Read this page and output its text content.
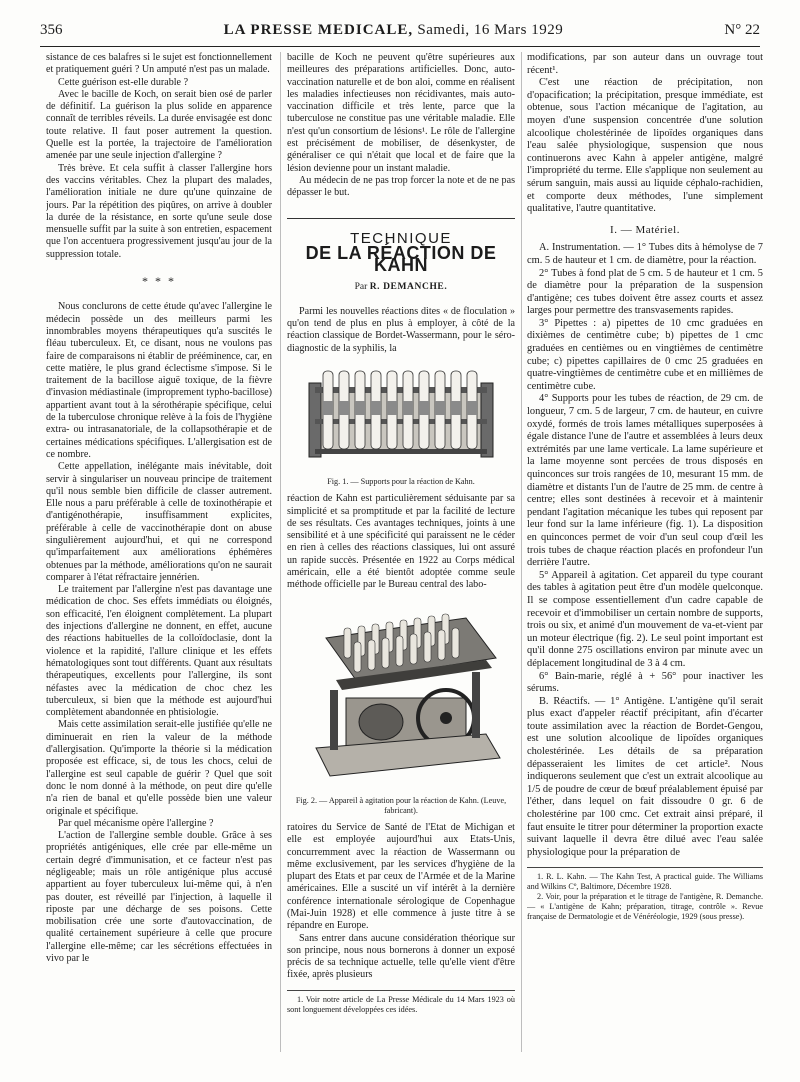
356	LA PRESSE MEDICALE, Samedi, 16 Mars 1929	N° 22

sistance de ces balafres si le sujet est fonctionnellement et pratiquement guéri ? Un amputé n'est pas un malade.

Cette guérison est-elle durable ?

Avec le bacille de Koch, on serait bien osé de parler de définitif. La guérison la plus solide en apparence connaît de terribles réveils. La durée envisagée est donc toute relative. Il faut poser autrement la question. Quelle est la portée, la trajectoire de l'amélioration amenée par une seule injection d'allergine ?

Très brève. Et cela suffit à classer l'allergine hors des vaccins véritables. Chez la plupart des malades, l'amélioration initiale ne dure qu'une quinzaine de jours. Par la répétition des piqûres, on arrive à doubler la durée de la résistance, en sorte qu'une seule dose mensuelle suffit par la suite à son entretien, espacement que l'on accentuera progressivement jusqu'au jour de la suppression totale.

* * *

Nous conclurons de cette étude qu'avec l'allergine le médecin possède un des meilleurs parmi les innombrables moyens thérapeutiques qu'a suscités le fléau tuberculeux. Et, ce disant, nous ne voulons pas faire de comparaisons ni établir de prééminence, car, en cette matière, le plus grand éclectisme s'impose. Si le traitement de la bacillose aiguë toxique, de la fièvre d'invasion médiastinale (improprement typho-bacillose) appartient avant tout à la sérothérapie spécifique, celui de la tuberculose chronique relève à la fois de l'hygiène extra- ou intrasanatoriale, de la collapsothérapie et de certaines médications spécifiques. L'allergisation est de ce nombre.

Cette appellation, inélégante mais inévitable, doit servir à singulariser un nouveau principe de traitement qu'il nous semble bien difficile de classer autrement. Elle nous a paru préférable à celle de toxinothérapie et d'antigénothérapie, insuffisamment explicites, préférable à celle de vaccinothérapie dont on abuse singulièrement aujourd'hui, et qui ne correspond qu'imparfaitement aux améliorations éphémères obtenues par la méthode, améliorations qu'on ne saurait comparer à l'état réfractaire jennérien.

Le traitement par l'allergine n'est pas davantage une médication de choc. Ses effets immédiats ou éloignés, son efficacité, l'en éloignent complètement. La plupart des injections d'allergine ne donnent, en effet, aucune des réactions habituelles de la colloïdoclasie, dont la violence et la rapidité, l'allure clinique et les effets hématologiques sont tout différents. Quant aux résultats thérapeutiques, excellents pour l'allergine, ils sont néfastes avec la médication de choc chez les tuberculeux, si bien que la méthode est aujourd'hui complètement abandonnée en phtisiologie.

Mais cette assimilation serait-elle justifiée qu'elle ne diminuerait en rien la valeur de la méthode d'allergisation. Qu'importe la théorie si la médication proposée est efficace, si, de tous les chocs, celui de l'allergine est seul capable de guérir ? Quel que soit donc le nom donné à la méthode, on peut dire qu'elle n'a rien de banal et qu'elle possède bien une valeur originale et spécifique.

Par quel mécanisme opère l'allergine ?

L'action de l'allergine semble double. Grâce à ses propriétés antigéniques, elle crée par elle-même un certain degré d'immunisation, et ce facteur n'est pas négligeable; mais un rôle antigénique plus accusé appartient au foyer tuberculeux lui-même qui, à n'en pas douter, est réveillé par l'injection, à laquelle il riposte par une décharge de ses poisons. Cette mobilisation crée une sorte d'autovaccination, de qualité certainement supérieure à celle que procure l'allergine elle-même; car les sécrétions effectuées in vivo par le

bacille de Koch ne peuvent qu'être supérieures aux meilleures des préparations artificielles. Donc, auto-vaccination naturelle et de bon aloi, comme en réalisent les maladies infectieuses non récidivantes, mais auto-vaccination difficile et très lente, parce que la tuberculose ne constitue pas une véritable maladie. Elle n'est qu'un consortium de lésions¹. Le rôle de l'allergine est précisément de mobiliser, de désenkyster, de généraliser ce qui n'était que local et de faire que la lésion devienne pour un instant maladie.

Au médecin de ne pas trop forcer la note et de ne pas dépasser le but.

TECHNIQUE
DE LA RÉACTION DE KAHN
Par R. DEMANCHE.

Parmi les nouvelles réactions dites « de floculation » qu'on tend de plus en plus à employer, à côté de la réaction classique de Bordet-Wassermann, pour le séro-diagnostic de la syphilis, la

Fig. 1. — Supports pour la réaction de Kahn.

réaction de Kahn est particulièrement séduisante par sa simplicité et sa promptitude et par la facilité de lecture de ses résultats. Ces avantages techniques, joints à une sensibilité et à une spécificité qui paraissent ne le céder en rien à celles des réactions classiques, lui ont assuré un rapide succès. Présentée en 1922 au Corps médical américain, elle a été bientôt adoptée comme seule méthode officielle par le Bureau central des labo-

Fig. 2. — Appareil à agitation pour la réaction de Kahn. (Leuve, fabricant).

ratoires du Service de Santé de l'Etat de Michigan et elle est employée aujourd'hui aux Etats-Unis, concurremment avec la réaction de Wassermann ou même exclusivement, par les services d'hygiène de la plupart des Etats et par ceux de l'Armée et de la Marine américaines. Elle a suscité un vif intérêt à la dernière conférence internationale sérologique de Copenhague (Mai-Juin 1928) et elle commence à juste titre à se répandre en Europe.

Sans entrer dans aucune considération théorique sur son principe, nous nous bornerons à donner un exposé précis de sa technique actuelle, telle qu'elle vient d'être fixée, après plusieurs

1. Voir notre article de La Presse Médicale du 14 Mars 1923 où sont longuement développées ces idées.

modifications, par son auteur dans un ouvrage tout récent¹.

C'est une réaction de précipitation, non d'opacification; la précipitation, presque immédiate, est obtenue, sous l'action mécanique de l'agitation, au moyen d'une suspension concentrée d'une solution alcoolique cholestérinée de lipoïdes organiques dans l'eau salée physiologique, suspension que nous continuerons avec Kahn à appeler antigène, malgré l'impropriété du terme. Elle s'applique non seulement au sérum sanguin, mais aussi au liquide céphalo-rachidien, et comporte deux méthodes, l'une simplement qualitative, l'autre quantitative.

I. — Matériel.

A. Instrumentation. — 1° Tubes dits à hémolyse de 7 cm. 5 de hauteur et 1 cm. de diamètre, pour la réaction.

2° Tubes à fond plat de 5 cm. 5 de hauteur et 1 cm. 5 de diamètre pour la préparation de la suspension d'antigène; ces tubes doivent être assez courts et assez larges pour permettre des transvasements rapides.

3° Pipettes : a) pipettes de 10 cmc graduées en dixièmes de centimètre cube; b) pipettes de 1 cmc graduées en centièmes ou en vingtièmes de centimètre cube; c) pipettes capillaires de 0 cmc 25 graduées en quatre-vingtièmes de centimètre cube et en millièmes de centimètre cube.

4° Supports pour les tubes de réaction, de 29 cm. de longueur, 7 cm. 5 de largeur, 7 cm. de hauteur, en cuivre oxydé, formés de trois lames métalliques superposées à égale distance l'une de l'autre et assemblées à leurs deux extrémités par une lame verticale. La lame supérieure et la lame moyenne sont percées de trous disposés en quinconces sur trois rangées de 10, mesurant 15 mm. de diamètre et distants l'un de l'autre de 25 mm. de centre à centre; elles sont destinées à recevoir et à maintenir pendant l'agitation mécanique les tubes qui reposent par leur fond sur la lame inférieure (fig. 1). La disposition en quinconces permet de voir d'un seul coup d'œil les trois tubes de chaque réaction placés en profondeur l'un derrière l'autre.

5° Appareil à agitation. Cet appareil du type courant des tables à agitation peut être d'un modèle quelconque. Il se compose essentiellement d'un cadre capable de recevoir et d'immobiliser un certain nombre de supports, trois ou six, et animé d'un mouvement de va-et-vient par un moteur électrique (fig. 2). Le seul point important est qu'il donne 275 oscillations environ par minute avec un déplacement longitudinal de 3 à 4 cm.

6° Bain-marie, réglé à + 56° pour inactiver les sérums.

B. Réactifs. — 1° Antigène. L'antigène qu'il serait plus exact d'appeler réactif précipitant, afin d'écarter toute assimilation avec la réaction de Bordet-Gengou, est une solution alcoolique de lipoïdes organiques cholestérinée. Les détails de sa préparation dépasseraient les limites de cet article². Nous indiquerons seulement que c'est un extrait alcoolique au 1/5 de poudre de cœur de bœuf préalablement épuisé par l'éther, dans lequel on fait dissoudre 0 gr. 6 de cholestérine par 100 cmc. Cet extrait ainsi préparé, il faut ensuite le titrer pour déterminer la proportion exacte suivant laquelle il devra être dilué avec l'eau salée physiologique pour la préparation de

1. R. L. Kahn. — The Kahn Test, A practical guide. The Williams and Wilkins Cº, Baltimore, Décembre 1928.

2. Voir, pour la préparation et le titrage de l'antigène, R. Demanche. — « L'antigène de Kahn; préparation, titrage, contrôle ». Revue française de Dermatologie et de Vénéréologie, 1929 (sous presse).
